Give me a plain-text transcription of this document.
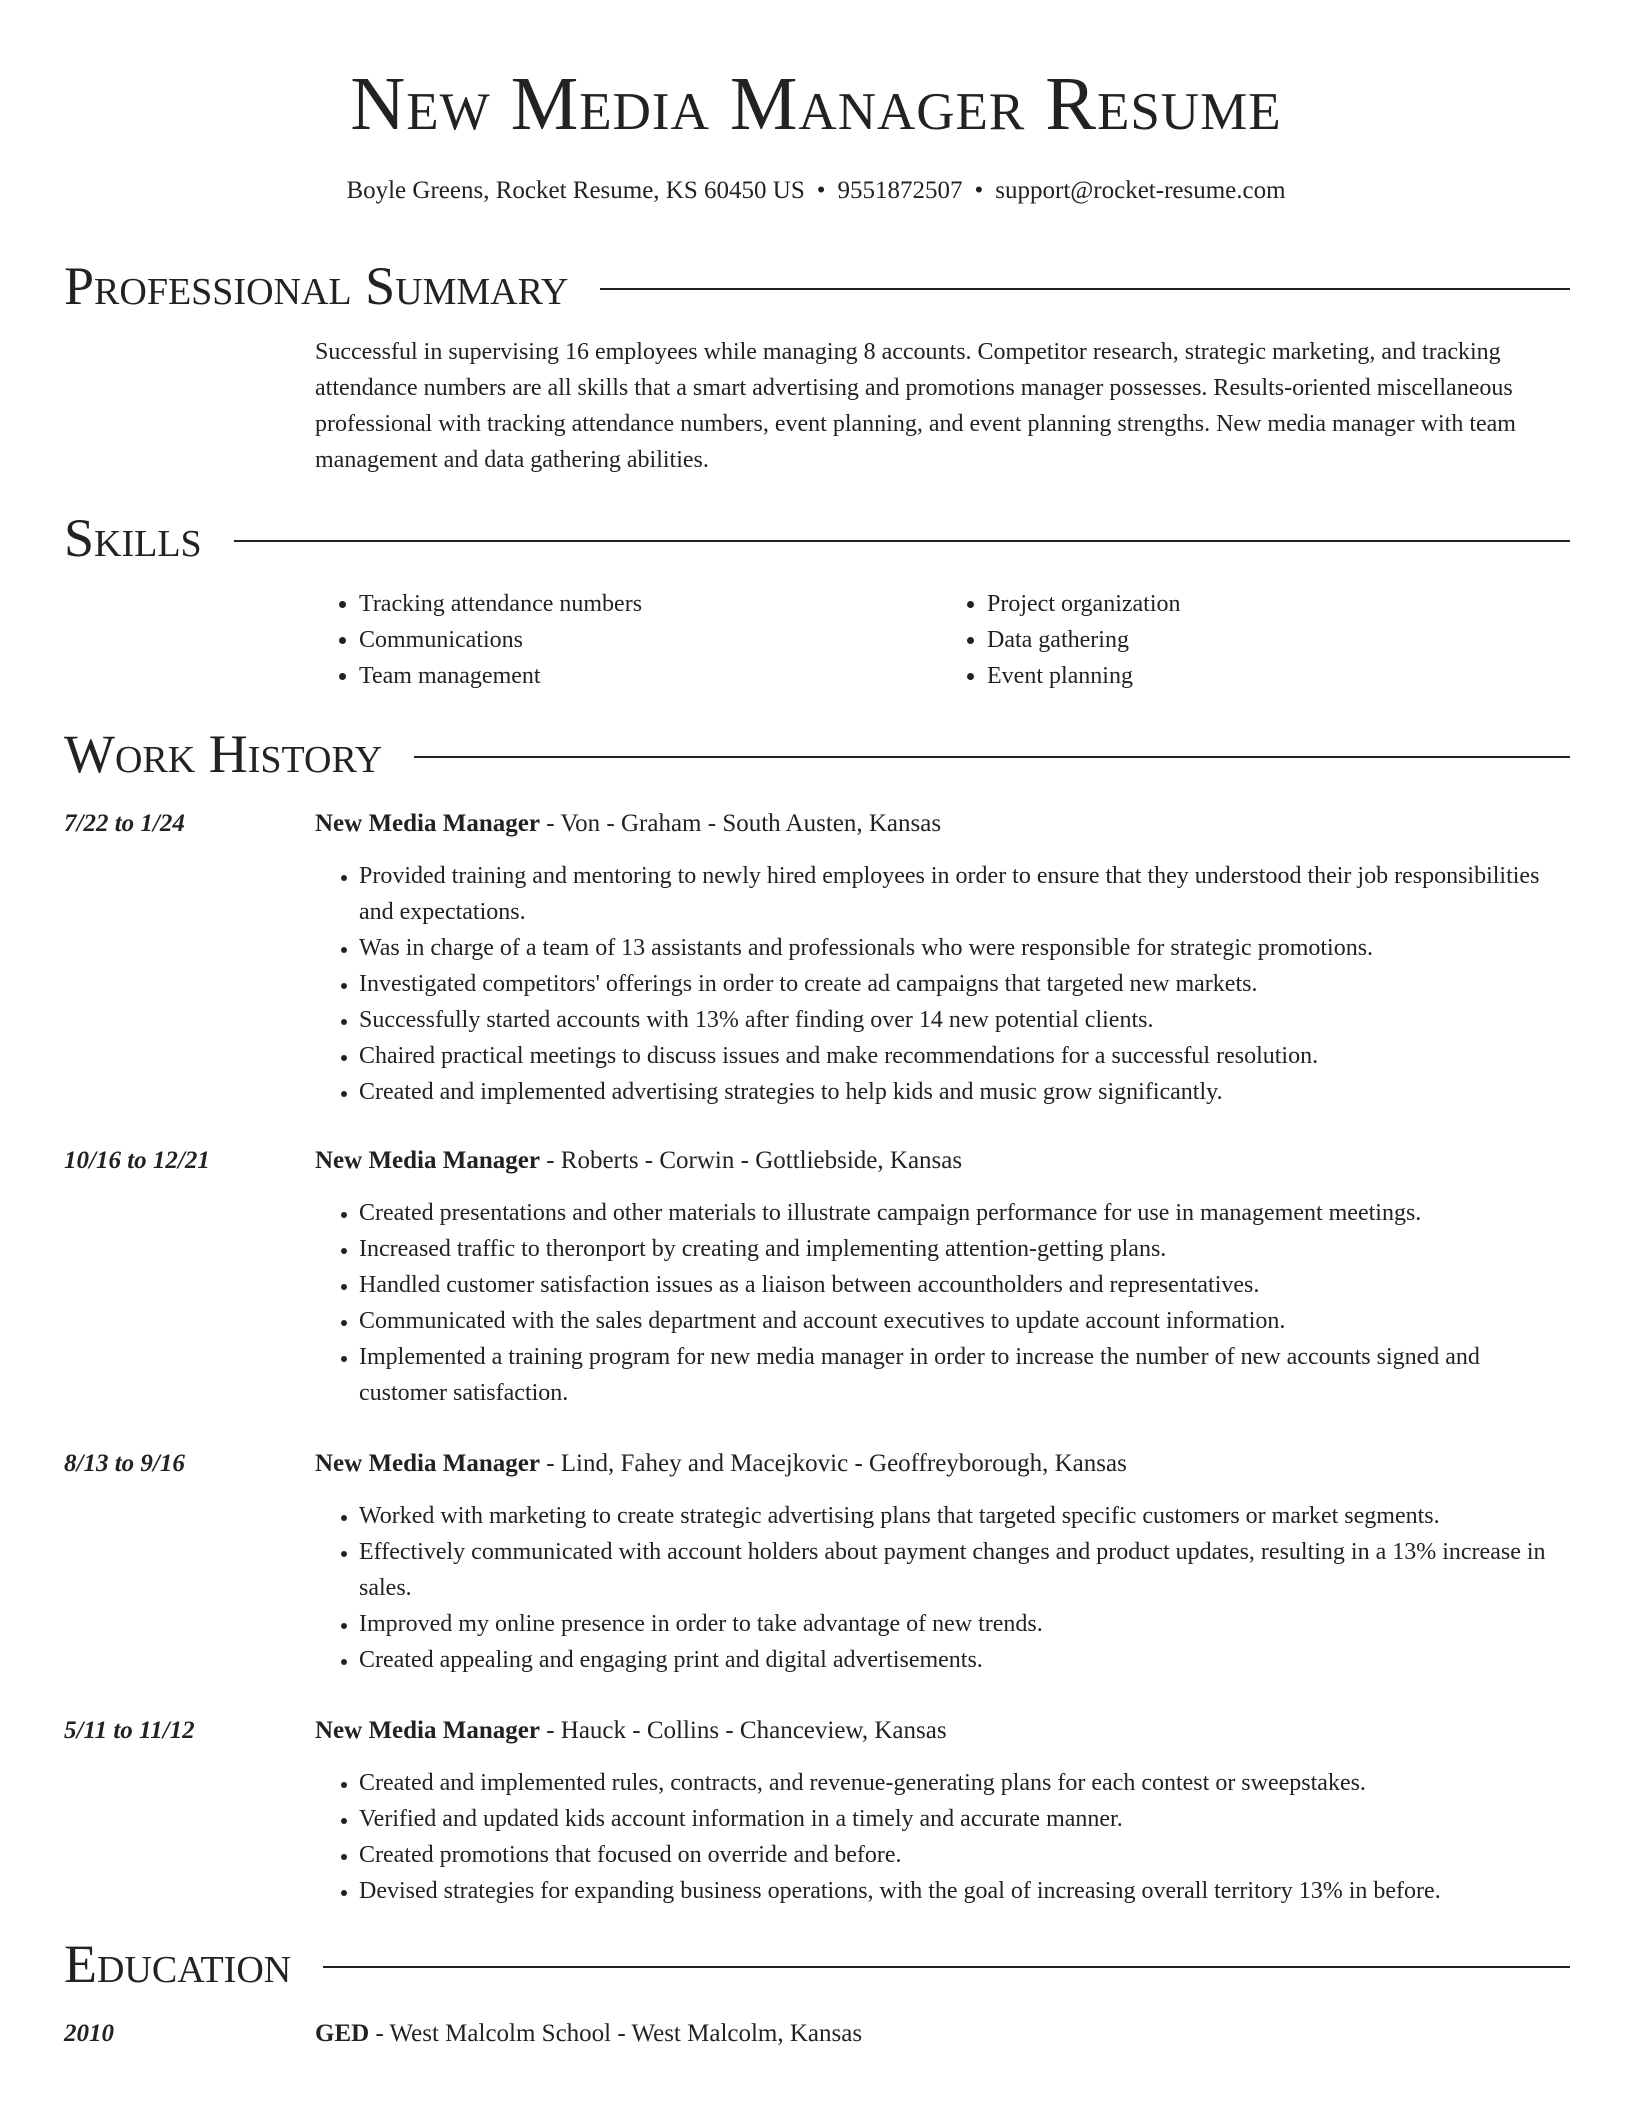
New Media Manager Resume
Boyle Greens, Rocket Resume, KS 60450 US • 9551872507 • support@rocket-resume.com
Professional Summary

Successful in supervising 16 employees while managing 8 accounts. Competitor research, strategic marketing, and tracking attendance numbers are all skills that a smart advertising and promotions manager possesses. Results-oriented miscellaneous professional with tracking attendance numbers, event planning, and event planning strengths. New media manager with team management and data gathering abilities.

Skills
• Tracking attendance numbers
• Communications
• Team management
• Project organization
• Data gathering
• Event planning
Work History
7/22 to 1/24	New Media Manager - Von - Graham - South Austen, Kansas
• Provided training and mentoring to newly hired employees in order to ensure that they understood their job responsibilities and expectations.
• Was in charge of a team of 13 assistants and professionals who were responsible for strategic promotions.
• Investigated competitors' offerings in order to create ad campaigns that targeted new markets.
• Successfully started accounts with 13% after finding over 14 new potential clients.
• Chaired practical meetings to discuss issues and make recommendations for a successful resolution.
• Created and implemented advertising strategies to help kids and music grow significantly.
10/16 to 12/21	New Media Manager - Roberts - Corwin - Gottliebside, Kansas
• Created presentations and other materials to illustrate campaign performance for use in management meetings.
• Increased traffic to theronport by creating and implementing attention-getting plans.
• Handled customer satisfaction issues as a liaison between accountholders and representatives.
• Communicated with the sales department and account executives to update account information.
• Implemented a training program for new media manager in order to increase the number of new accounts signed and customer satisfaction.
8/13 to 9/16	New Media Manager - Lind, Fahey and Macejkovic - Geoffreyborough, Kansas
• Worked with marketing to create strategic advertising plans that targeted specific customers or market segments.
• Effectively communicated with account holders about payment changes and product updates, resulting in a 13% increase in sales.
• Improved my online presence in order to take advantage of new trends.
• Created appealing and engaging print and digital advertisements.
5/11 to 11/12	New Media Manager - Hauck - Collins - Chanceview, Kansas
• Created and implemented rules, contracts, and revenue-generating plans for each contest or sweepstakes.
• Verified and updated kids account information in a timely and accurate manner.
• Created promotions that focused on override and before.
• Devised strategies for expanding business operations, with the goal of increasing overall territory 13% in before.
Education
2010	GED - West Malcolm School - West Malcolm, Kansas
